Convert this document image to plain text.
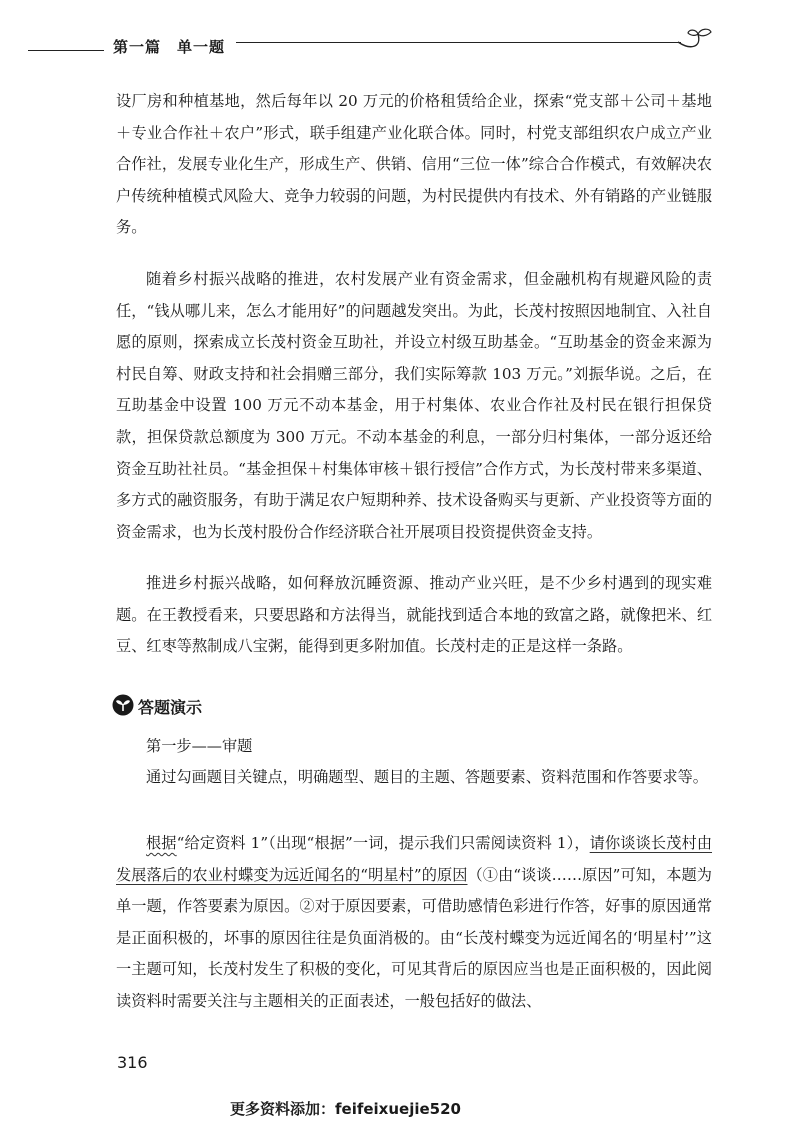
第一篇　单一题

设厂房和种植基地，然后每年以 20 万元的价格租赁给企业，探索“党支部＋公司＋基地＋专业合作社＋农户”形式，联手组建产业化联合体。同时，村党支部组织农户成立产业合作社，发展专业化生产，形成生产、供销、信用“三位一体”综合合作模式，有效解决农户传统种植模式风险大、竞争力较弱的问题，为村民提供内有技术、外有销路的产业链服务。

随着乡村振兴战略的推进，农村发展产业有资金需求，但金融机构有规避风险的责任，“钱从哪儿来，怎么才能用好”的问题越发突出。为此，长茂村按照因地制宜、入社自愿的原则，探索成立长茂村资金互助社，并设立村级互助基金。“互助基金的资金来源为村民自筹、财政支持和社会捐赠三部分，我们实际筹款 103 万元。”刘振华说。之后，在互助基金中设置 100 万元不动本基金，用于村集体、农业合作社及村民在银行担保贷款，担保贷款总额度为 300 万元。不动本基金的利息，一部分归村集体，一部分返还给资金互助社社员。“基金担保＋村集体审核＋银行授信”合作方式，为长茂村带来多渠道、多方式的融资服务，有助于满足农户短期种养、技术设备购买与更新、产业投资等方面的资金需求，也为长茂村股份合作经济联合社开展项目投资提供资金支持。

推进乡村振兴战略，如何释放沉睡资源、推动产业兴旺，是不少乡村遇到的现实难题。在王教授看来，只要思路和方法得当，就能找到适合本地的致富之路，就像把米、红豆、红枣等熬制成八宝粥，能得到更多附加值。长茂村走的正是这样一条路。

答题演示
第一步——审题

通过勾画题目关键点，明确题型、题目的主题、答题要素、资料范围和作答要求等。

根据“给定资料 1”（出现“根据”一词，提示我们只需阅读资料 1），请你谈谈长茂村由发展落后的农业村蝶变为远近闻名的“明星村”的原因（①由“谈谈……原因”可知，本题为单一题，作答要素为原因。②对于原因要素，可借助感情色彩进行作答，好事的原因通常是正面积极的，坏事的原因往往是负面消极的。由“长茂村蝶变为远近闻名的‘明星村’”这一主题可知，长茂村发生了积极的变化，可见其背后的原因应当也是正面积极的，因此阅读资料时需要关注与主题相关的正面表述，一般包括好的做法、

316
更多资料添加：feifeixuejie520
